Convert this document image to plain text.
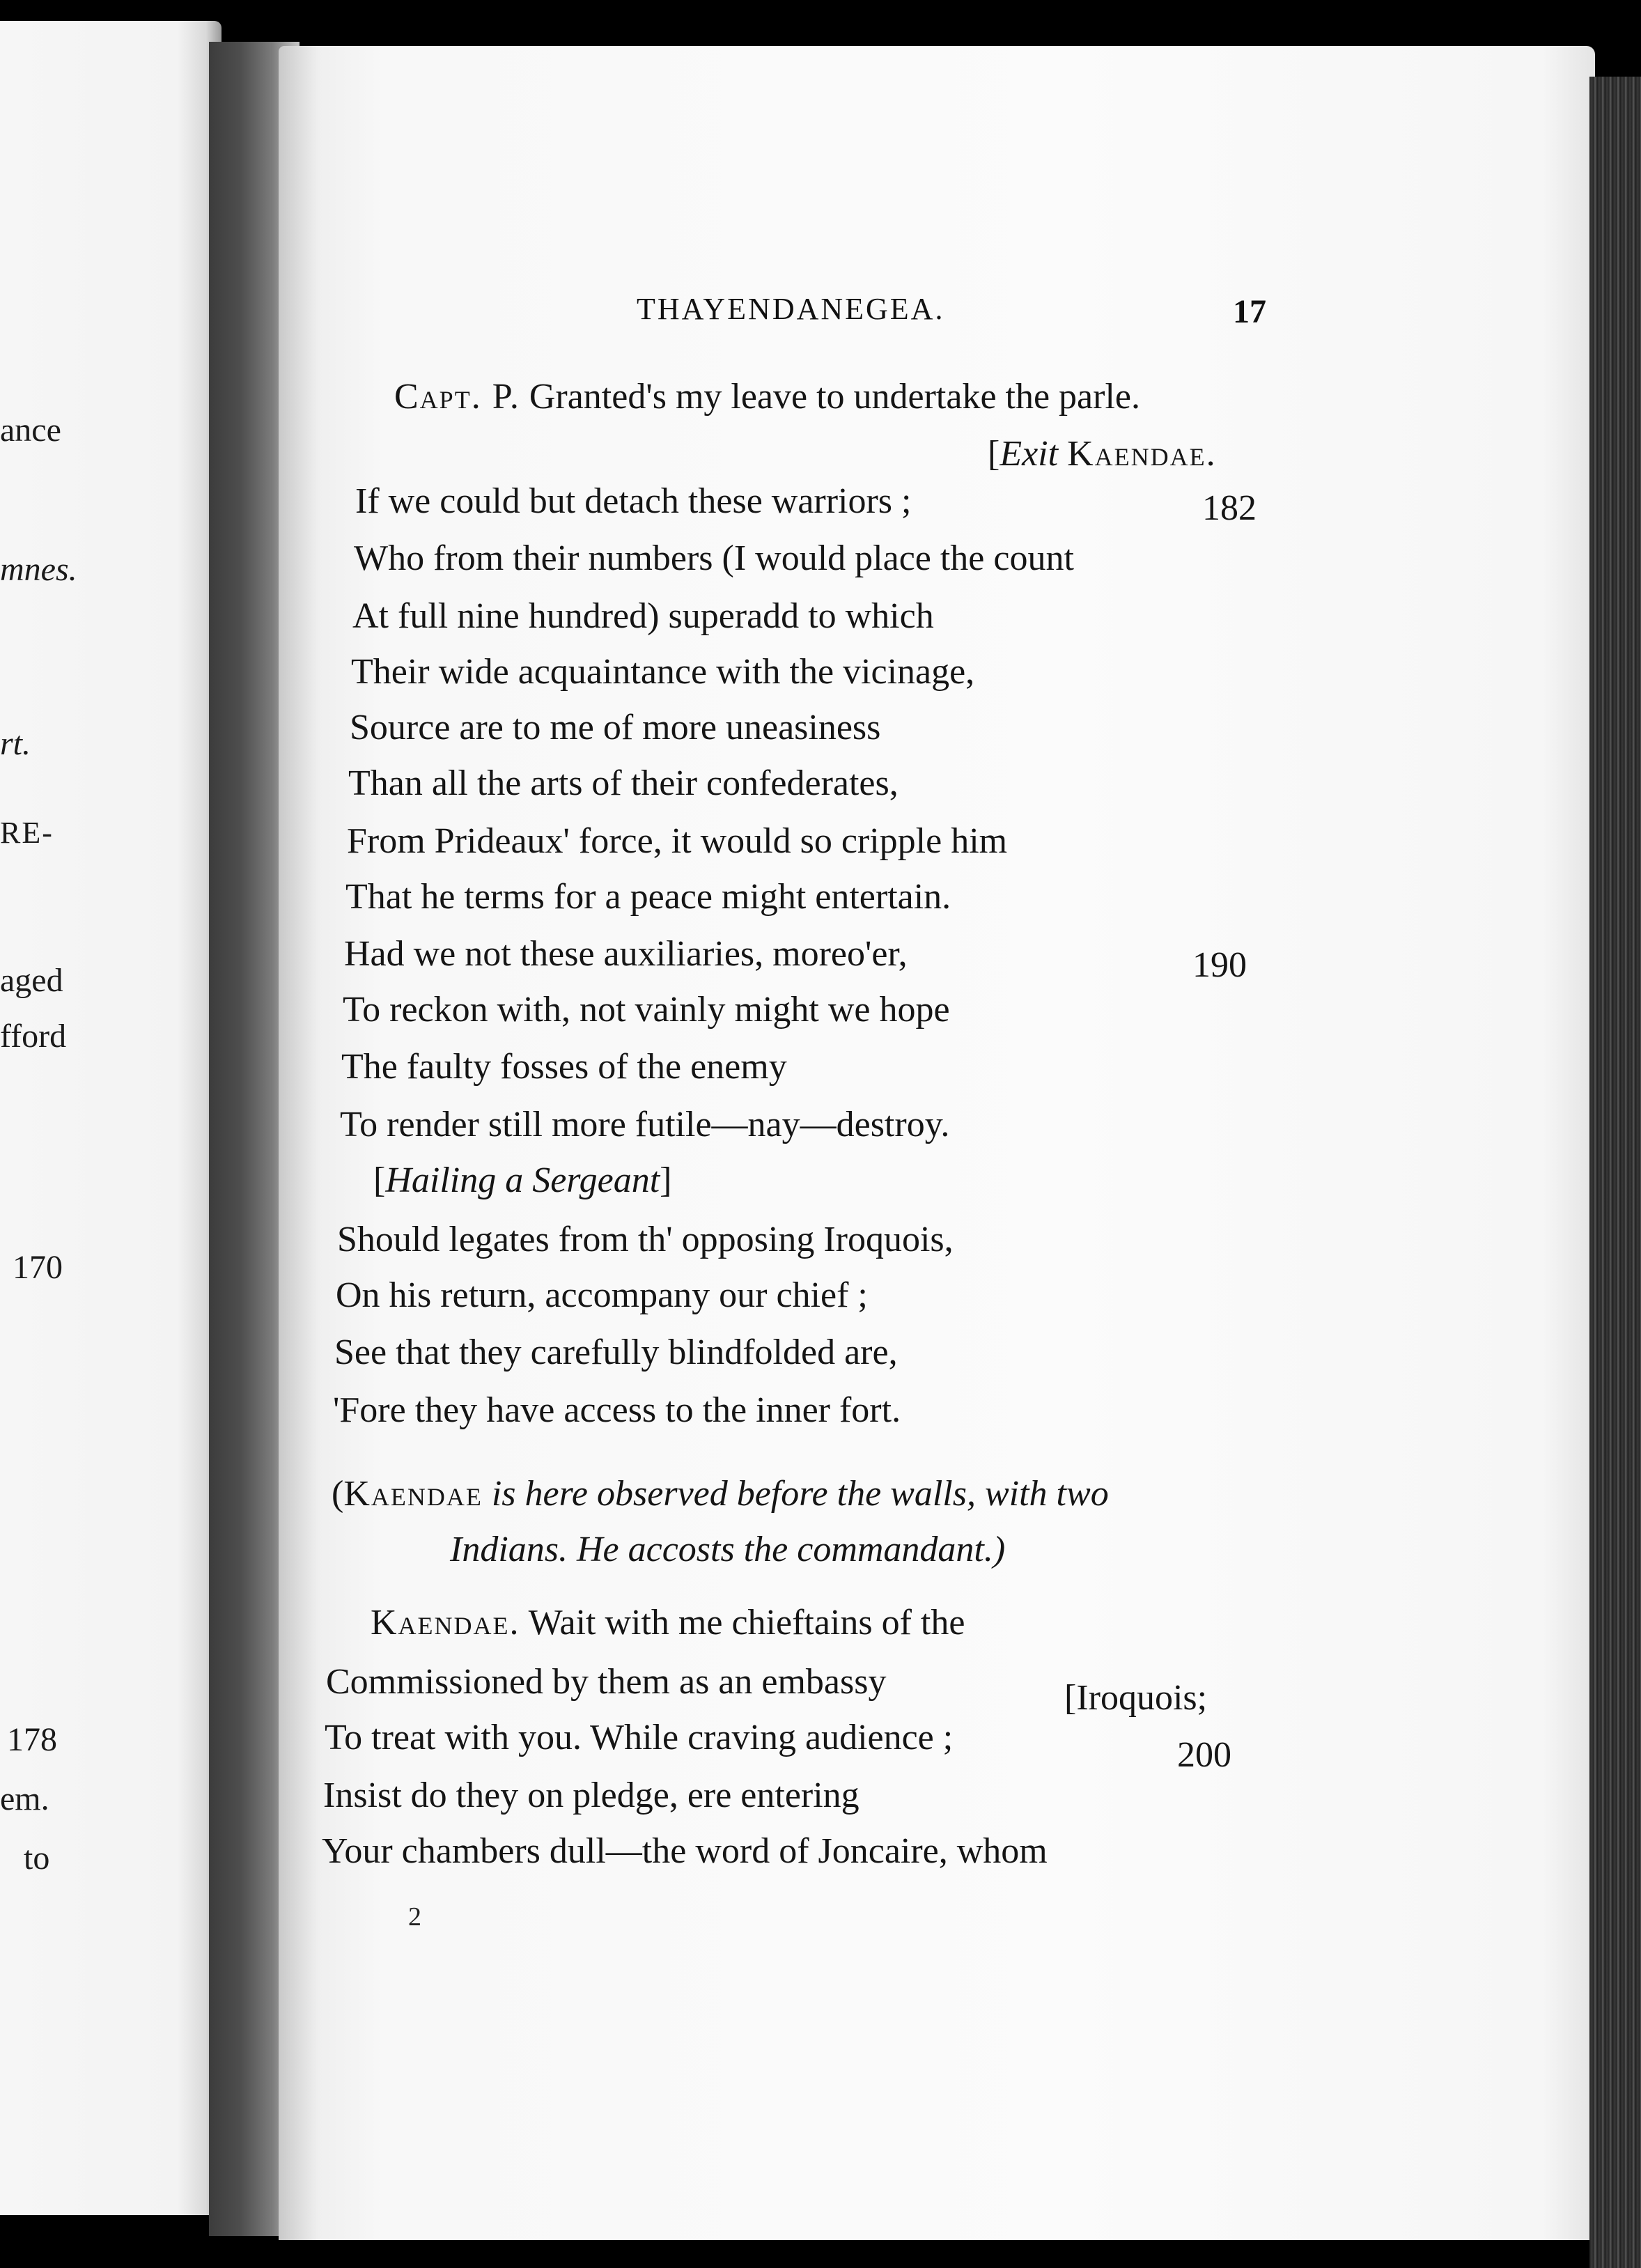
ance
mnes.
rt.
RE-
aged
fford
170
178
em.
to
THAYENDANEGEA.	17
Capt. P. Granted's my leave to undertake the parle.
[Exit Kaendae.
If we could but detach these warriors ;	182
Who from their numbers (I would place the count
At full nine hundred) superadd to which
Their wide acquaintance with the vicinage,
Source are to me of more uneasiness
Than all the arts of their confederates,
From Prideaux' force, it would so cripple him
That he terms for a peace might entertain.
Had we not these auxiliaries, moreo'er,	190
To reckon with, not vainly might we hope
The faulty fosses of the enemy
To render still more futile—nay—destroy.
[Hailing a Sergeant]
Should legates from th' opposing Iroquois,
On his return, accompany our chief ;
See that they carefully blindfolded are,
'Fore they have access to the inner fort.
(Kaendae is here observed before the walls, with two
Indians. He accosts the commandant.)
Kaendae. Wait with me chieftains of the
Commissioned by them as an embassy	[Iroquois;
To treat with you. While craving audience ;	200
Insist do they on pledge, ere entering
Your chambers dull—the word of Joncaire, whom
2
